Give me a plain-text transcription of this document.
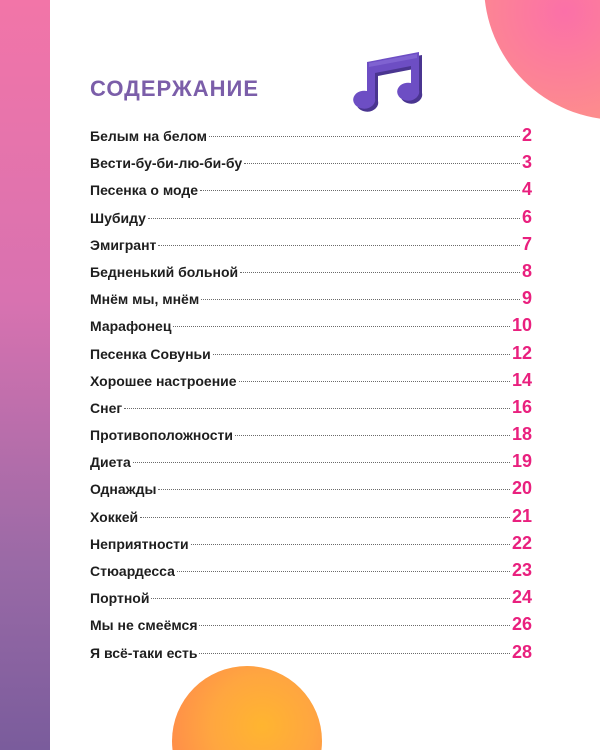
СОДЕРЖАНИЕ
Белым на белом	2
Вести-бу-би-лю-би-бу	3
Песенка о моде	4
Шубиду	6
Эмигрант	7
Бедненький больной	8
Мнём мы, мнём	9
Марафонец	10
Песенка Совуньи	12
Хорошее настроение	14
Снег	16
Противоположности	18
Диета	19
Однажды	20
Хоккей	21
Неприятности	22
Стюардесса	23
Портной	24
Мы не смеёмся	26
Я всё-таки есть	28
